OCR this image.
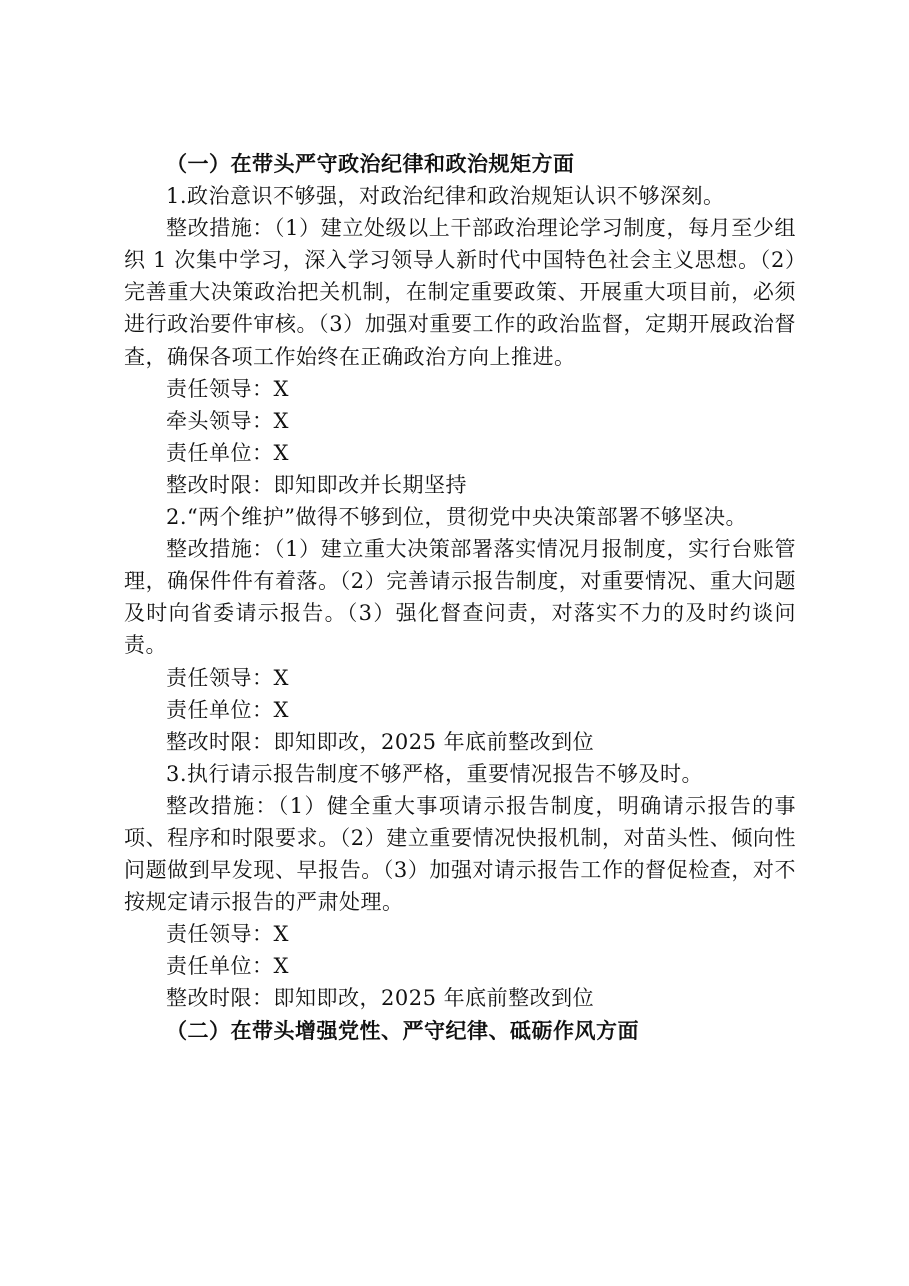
（一）在带头严守政治纪律和政治规矩方面

1.政治意识不够强，对政治纪律和政治规矩认识不够深刻。

整改措施：（1）建立处级以上干部政治理论学习制度，每月至少组织 1 次集中学习，深入学习领导人新时代中国特色社会主义思想。（2）完善重大决策政治把关机制，在制定重要政策、开展重大项目前，必须进行政治要件审核。（3）加强对重要工作的政治监督，定期开展政治督查，确保各项工作始终在正确政治方向上推进。

责任领导：X

牵头领导：X

责任单位：X

整改时限：即知即改并长期坚持

2.“两个维护”做得不够到位，贯彻党中央决策部署不够坚决。

整改措施：（1）建立重大决策部署落实情况月报制度，实行台账管理，确保件件有着落。（2）完善请示报告制度，对重要情况、重大问题及时向省委请示报告。（3）强化督查问责，对落实不力的及时约谈问责。

责任领导：X

责任单位：X

整改时限：即知即改，2025 年底前整改到位

3.执行请示报告制度不够严格，重要情况报告不够及时。

整改措施：（1）健全重大事项请示报告制度，明确请示报告的事项、程序和时限要求。（2）建立重要情况快报机制，对苗头性、倾向性问题做到早发现、早报告。（3）加强对请示报告工作的督促检查，对不按规定请示报告的严肃处理。

责任领导：X

责任单位：X

整改时限：即知即改，2025 年底前整改到位

（二）在带头增强党性、严守纪律、砥砺作风方面
